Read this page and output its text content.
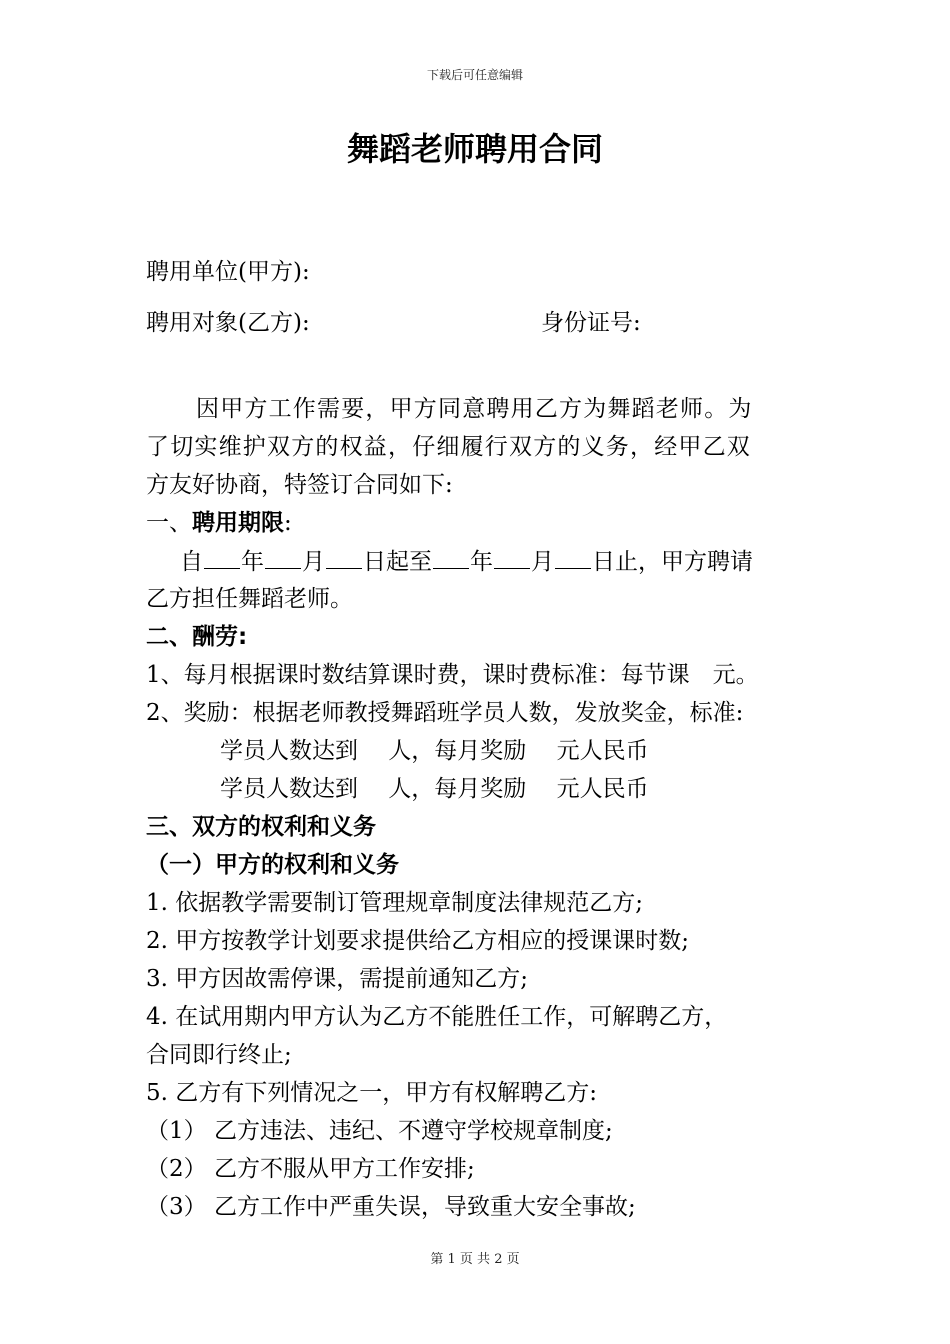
下载后可任意编辑
舞蹈老师聘用合同
聘用单位(甲方):
聘用对象(乙方):	身份证号:
因甲方工作需要，甲方同意聘用乙方为舞蹈老师。为
了切实维护双方的权益，仔细履行双方的义务，经甲乙双
方友好协商，特签订合同如下:
一、聘用期限:
自 年 月 日起至 年 月 日止，甲方聘请
乙方担任舞蹈老师。
二、酬劳:
1、每月根据课时数结算课时费，课时费标准：每节课　元。
2、奖励：根据老师教授舞蹈班学员人数，发放奖金，标准:
学员人数达到　 人，每月奖励　 元人民币
学员人数达到　 人，每月奖励　 元人民币
三、双方的权利和义务
（一）甲方的权利和义务
1. 依据教学需要制订管理规章制度法律规范乙方;
2. 甲方按教学计划要求提供给乙方相应的授课课时数;
3. 甲方因故需停课，需提前通知乙方;
4. 在试用期内甲方认为乙方不能胜任工作，可解聘乙方，
合同即行终止;
5. 乙方有下列情况之一，甲方有权解聘乙方:
（1） 乙方违法、违纪、不遵守学校规章制度;
（2） 乙方不服从甲方工作安排;
（3） 乙方工作中严重失误，导致重大安全事故;
第 1 页 共 2 页
